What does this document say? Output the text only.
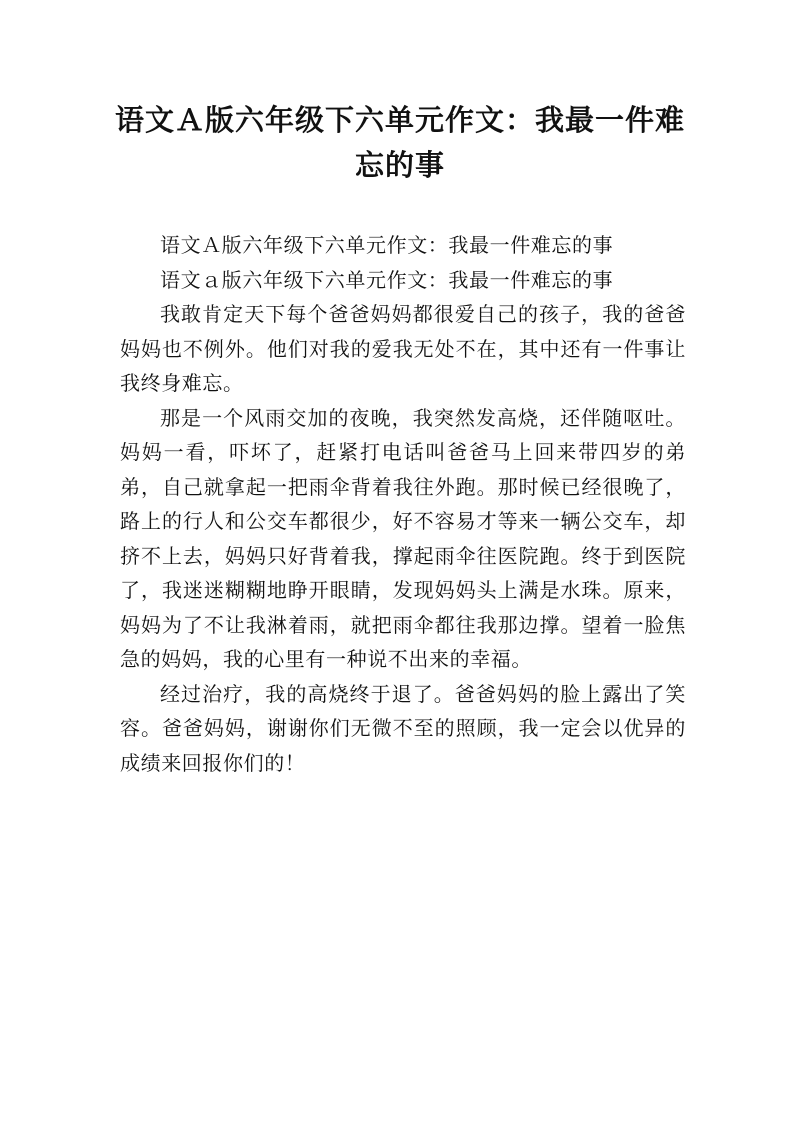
语文Ａ版六年级下六单元作文：我最一件难忘的事

语文Ａ版六年级下六单元作文：我最一件难忘的事

语文ａ版六年级下六单元作文：我最一件难忘的事

我敢肯定天下每个爸爸妈妈都很爱自己的孩子，我的爸爸妈妈也不例外。他们对我的爱我无处不在，其中还有一件事让我终身难忘。

那是一个风雨交加的夜晚，我突然发高烧，还伴随呕吐。妈妈一看，吓坏了，赶紧打电话叫爸爸马上回来带四岁的弟弟，自己就拿起一把雨伞背着我往外跑。那时候已经很晚了，路上的行人和公交车都很少，好不容易才等来一辆公交车，却挤不上去，妈妈只好背着我，撑起雨伞往医院跑。终于到医院了，我迷迷糊糊地睁开眼睛，发现妈妈头上满是水珠。原来，妈妈为了不让我淋着雨，就把雨伞都往我那边撑。望着一脸焦急的妈妈，我的心里有一种说不出来的幸福。

经过治疗，我的高烧终于退了。爸爸妈妈的脸上露出了笑容。爸爸妈妈，谢谢你们无微不至的照顾，我一定会以优异的成绩来回报你们的！
